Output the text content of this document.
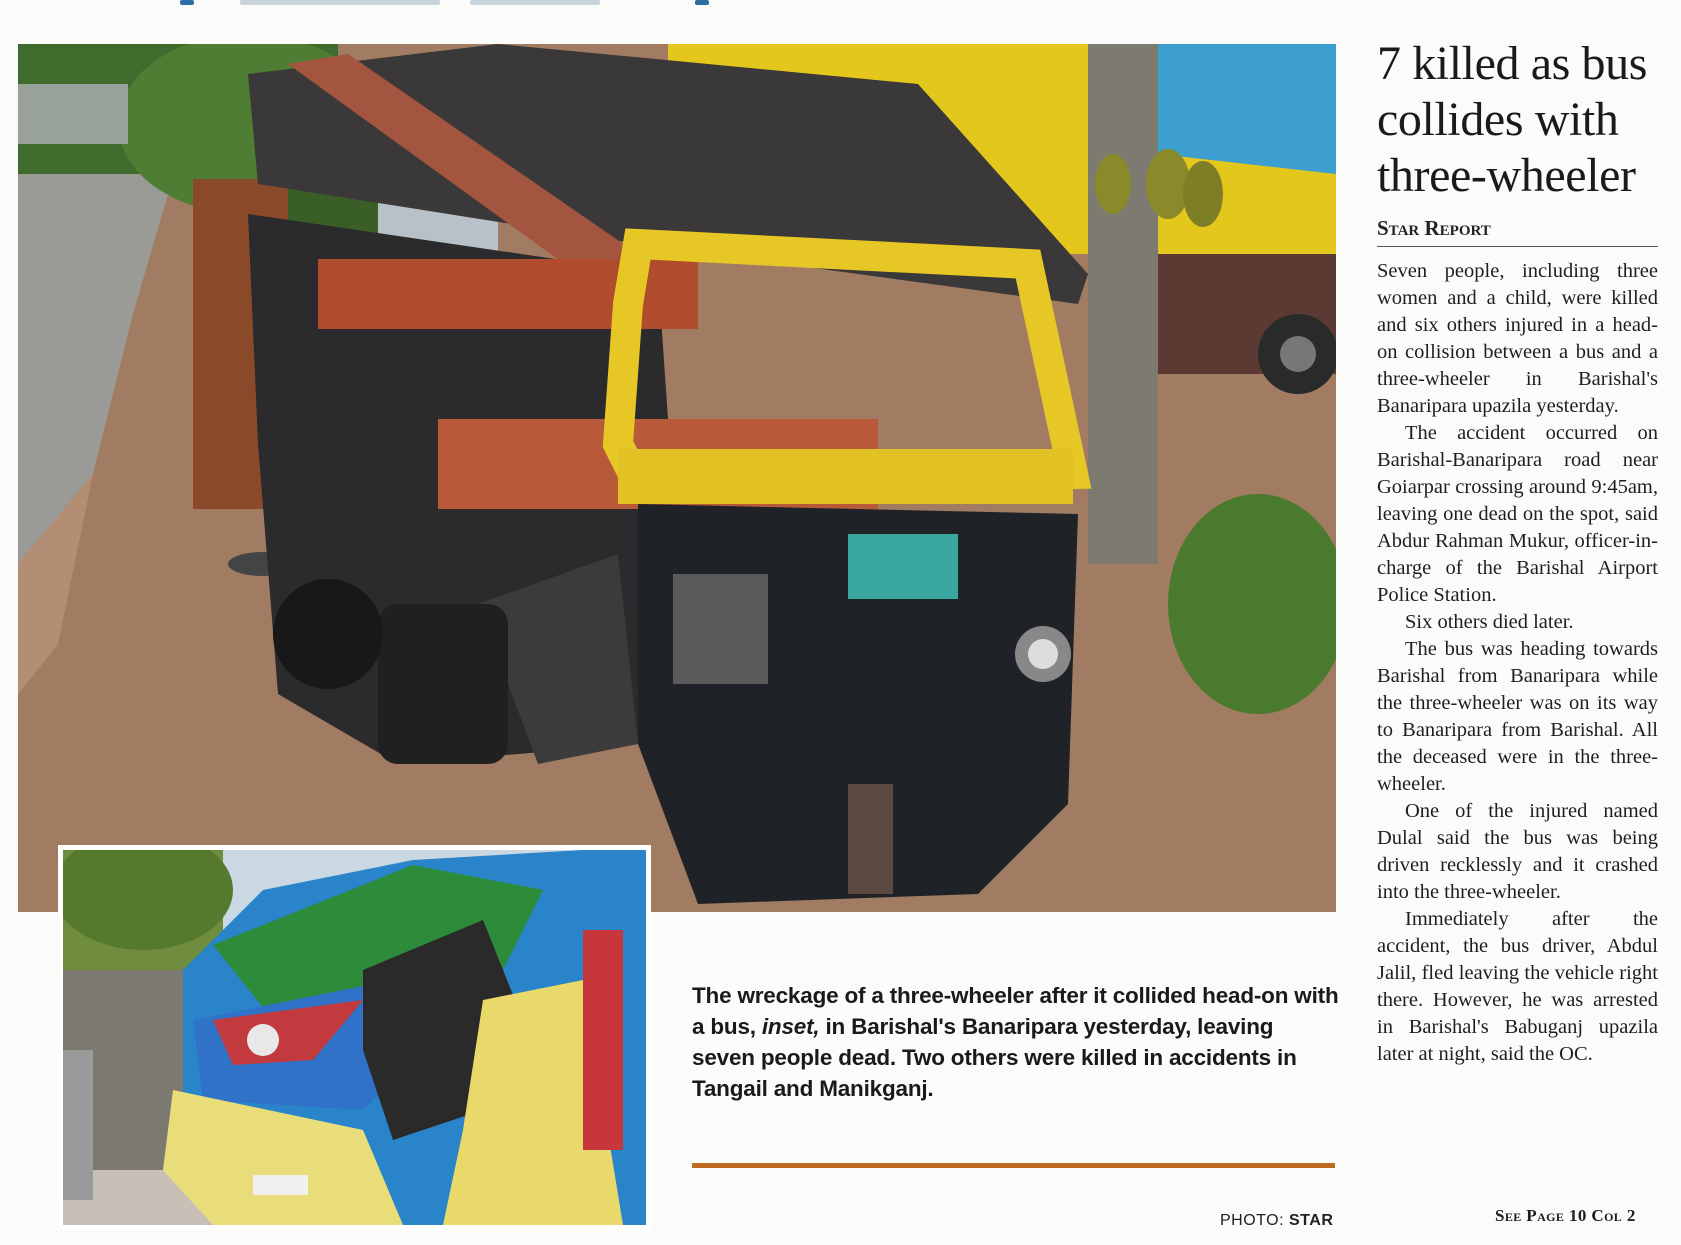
The wreckage of a three-wheeler after it collided head-on with a bus, inset, in Barishal's Banaripara yesterday, leaving seven people dead. Two others were killed in accidents in Tangail and Manikganj.
PHOTO: STAR
7 killed as bus collides with three-wheeler
Star Report

Seven people, including three women and a child, were killed and six others injured in a head-on collision between a bus and a three-wheeler in Barishal's Banaripara upazila yesterday.

The accident occurred on Barishal-Banaripara road near Goiarpar crossing around 9:45am, leaving one dead on the spot, said Abdur Rahman Mukur, officer-in-charge of the Barishal Airport Police Station.

Six others died later.

The bus was heading towards Barishal from Banaripara while the three-wheeler was on its way to Banaripara from Barishal. All the deceased were in the three-wheeler.

One of the injured named Dulal said the bus was being driven recklessly and it crashed into the three-wheeler.

Immediately after the accident, the bus driver, Abdul Jalil, fled leaving the vehicle right there. However, he was arrested in Barishal's Babuganj upazila later at night, said the OC.

See Page 10 Col 2
